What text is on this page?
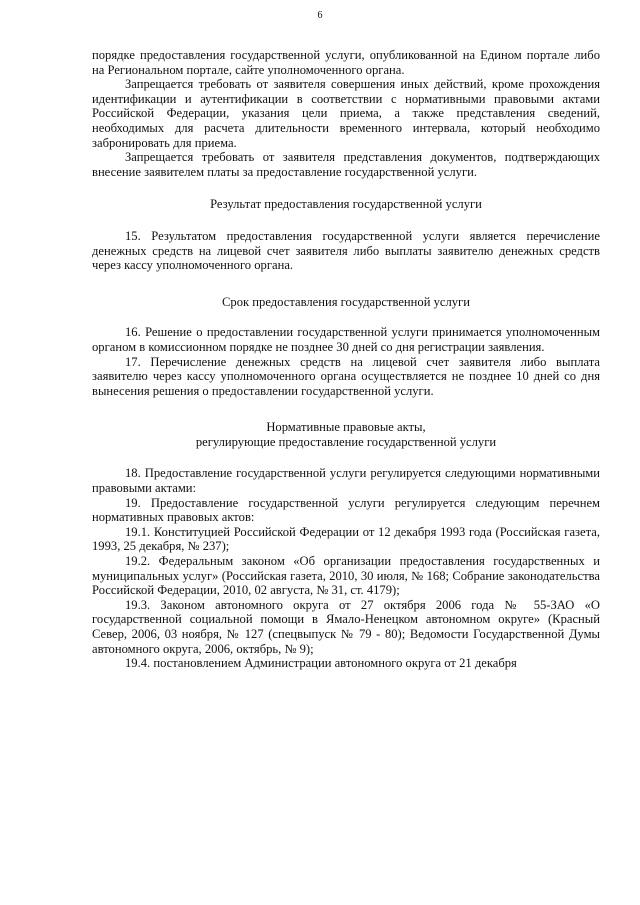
6

порядке предоставления государственной услуги, опубликованной на Едином портале либо на Региональном портале, сайте уполномоченного органа.

Запрещается требовать от заявителя совершения иных действий, кроме прохождения идентификации и аутентификации в соответствии с нормативными правовыми актами Российской Федерации, указания цели приема, а также представления сведений, необходимых для расчета длительности временного интервала, который необходимо забронировать для приема.

Запрещается требовать от заявителя представления документов, подтверждающих внесение заявителем платы за предоставление государственной услуги.

Результат предоставления государственной услуги

15. Результатом предоставления государственной услуги является перечисление денежных средств на лицевой счет заявителя либо выплаты заявителю денежных средств через кассу уполномоченного органа.

Срок предоставления государственной услуги

16. Решение о предоставлении государственной услуги принимается уполномоченным органом в комиссионном порядке не позднее 30 дней со дня регистрации заявления.

17. Перечисление денежных средств на лицевой счет заявителя либо выплата заявителю через кассу уполномоченного органа осуществляется не позднее 10 дней со дня вынесения решения о предоставлении государственной услуги.

Нормативные правовые акты,
регулирующие предоставление государственной услуги

18. Предоставление государственной услуги регулируется следующими нормативными правовыми актами:

19. Предоставление государственной услуги регулируется следующим перечнем нормативных правовых актов:

19.1. Конституцией Российской Федерации от 12 декабря 1993 года (Российская газета, 1993, 25 декабря, № 237);

19.2. Федеральным законом «Об организации предоставления государственных и муниципальных услуг» (Российская газета, 2010, 30 июля, № 168; Собрание законодательства Российской Федерации, 2010, 02 августа, № 31, ст. 4179);

19.3. Законом автономного округа от 27 октября 2006 года № 55-ЗАО «О государственной социальной помощи в Ямало-Ненецком автономном округе» (Красный Север, 2006, 03 ноября, № 127 (спецвыпуск № 79 - 80); Ведомости Государственной Думы автономного округа, 2006, октябрь, № 9);

19.4. постановлением Администрации автономного округа от 21 декабря
